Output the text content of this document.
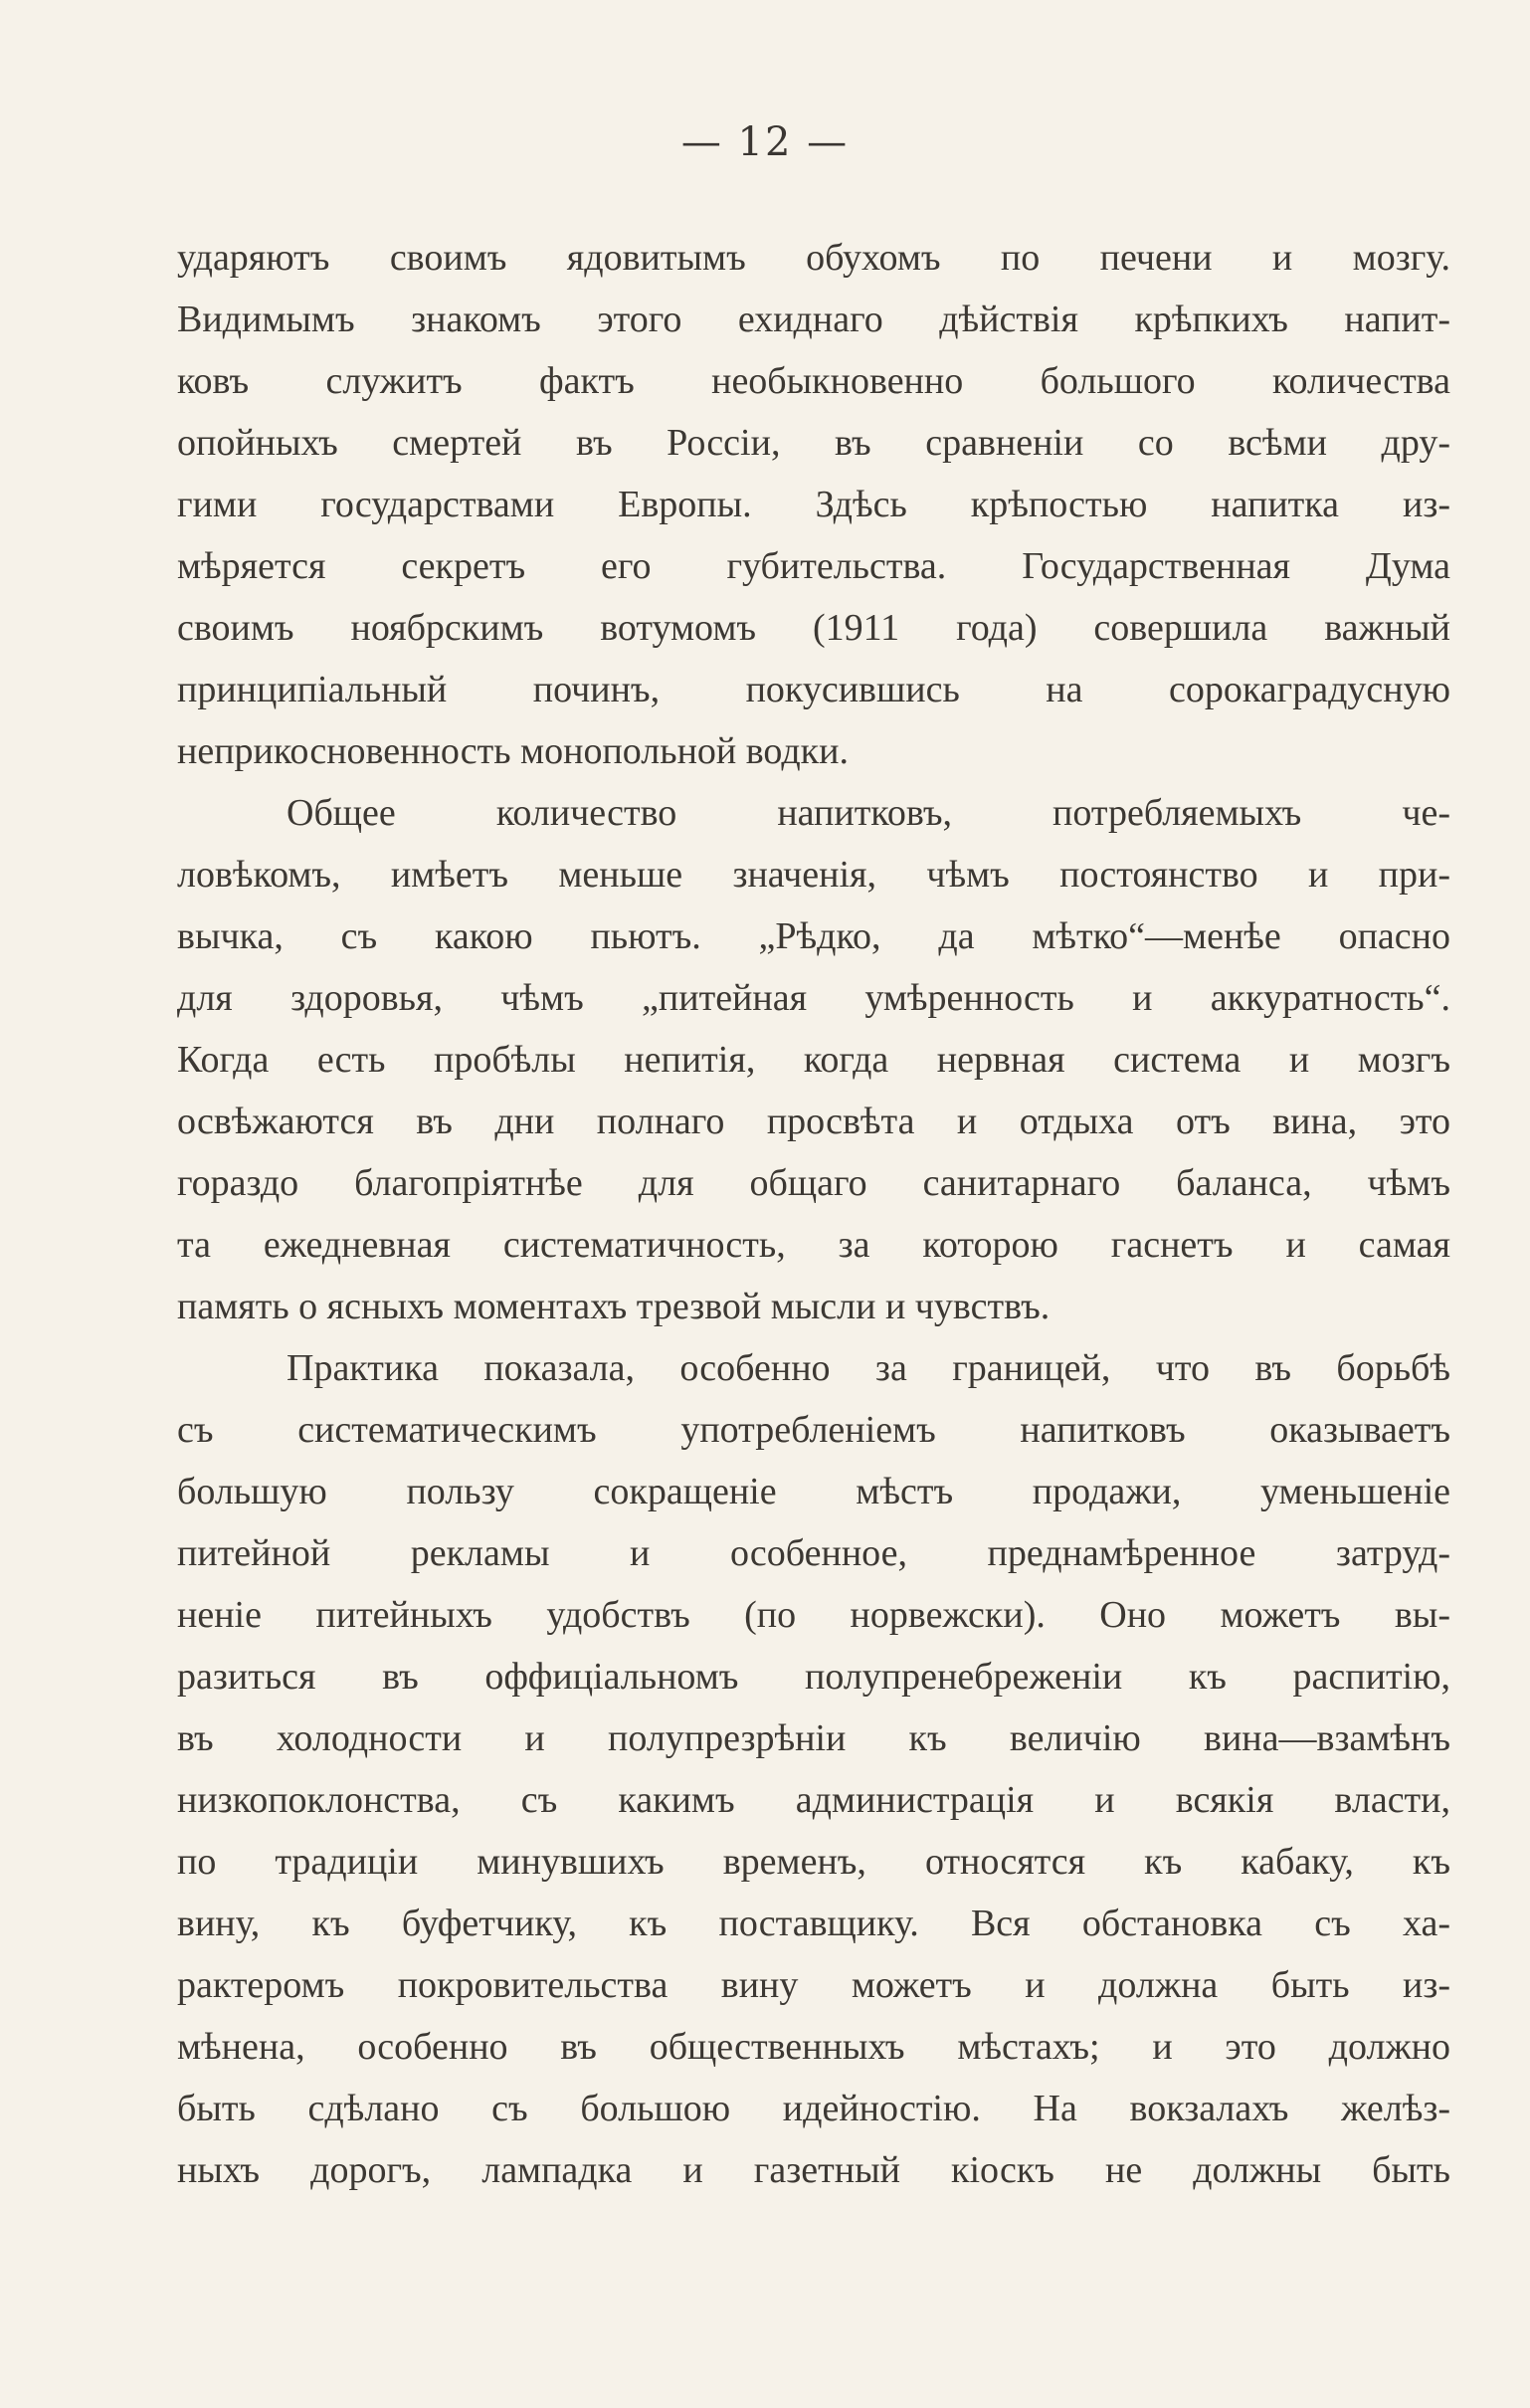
— 12 —
ударяютъ своимъ ядовитымъ обухомъ по печени и мозгу.
Видимымъ знакомъ этого ехиднаго дѣйствія крѣпкихъ напит-
ковъ служитъ фактъ необыкновенно большого количества
опойныхъ смертей въ Россіи, въ сравненіи со всѣми дру-
гими государствами Европы. Здѣсь крѣпостью напитка из-
мѣряется секретъ его губительства. Государственная Дума
своимъ ноябрскимъ вотумомъ (1911 года) совершила важный
принципіальный починъ, покусившись на сорокаградусную
неприкосновенность монопольной водки.
Общее количество напитковъ, потребляемыхъ че-
ловѣкомъ, имѣетъ меньше значенія, чѣмъ постоянство и при-
вычка, съ какою пьютъ. „Рѣдко, да мѣтко“—менѣе опасно
для здоровья, чѣмъ „питейная умѣренность и аккуратность“.
Когда есть пробѣлы непитія, когда нервная система и мозгъ
освѣжаются въ дни полнаго просвѣта и отдыха отъ вина, это
гораздо благопріятнѣе для общаго санитарнаго баланса, чѣмъ
та ежедневная систематичность, за которою гаснетъ и самая
память о ясныхъ моментахъ трезвой мысли и чувствъ.
Практика показала, особенно за границей, что въ борьбѣ
съ систематическимъ употребленіемъ напитковъ оказываетъ
большую пользу сокращеніе мѣстъ продажи, уменьшеніе
питейной рекламы и особенное, преднамѣренное затруд-
неніе питейныхъ удобствъ (по норвежски). Оно можетъ вы-
разиться въ оффиціальномъ полупренебреженіи къ распитію,
въ холодности и полупрезрѣніи къ величію вина—взамѣнъ
низкопоклонства, съ какимъ администрація и всякія власти,
по традиціи минувшихъ временъ, относятся къ кабаку, къ
вину, къ буфетчику, къ поставщику. Вся обстановка съ ха-
рактеромъ покровительства вину можетъ и должна быть из-
мѣнена, особенно въ общественныхъ мѣстахъ; и это должно
быть сдѣлано съ большою идейностію. На вокзалахъ желѣз-
ныхъ дорогъ, лампадка и газетный кіоскъ не должны быть
